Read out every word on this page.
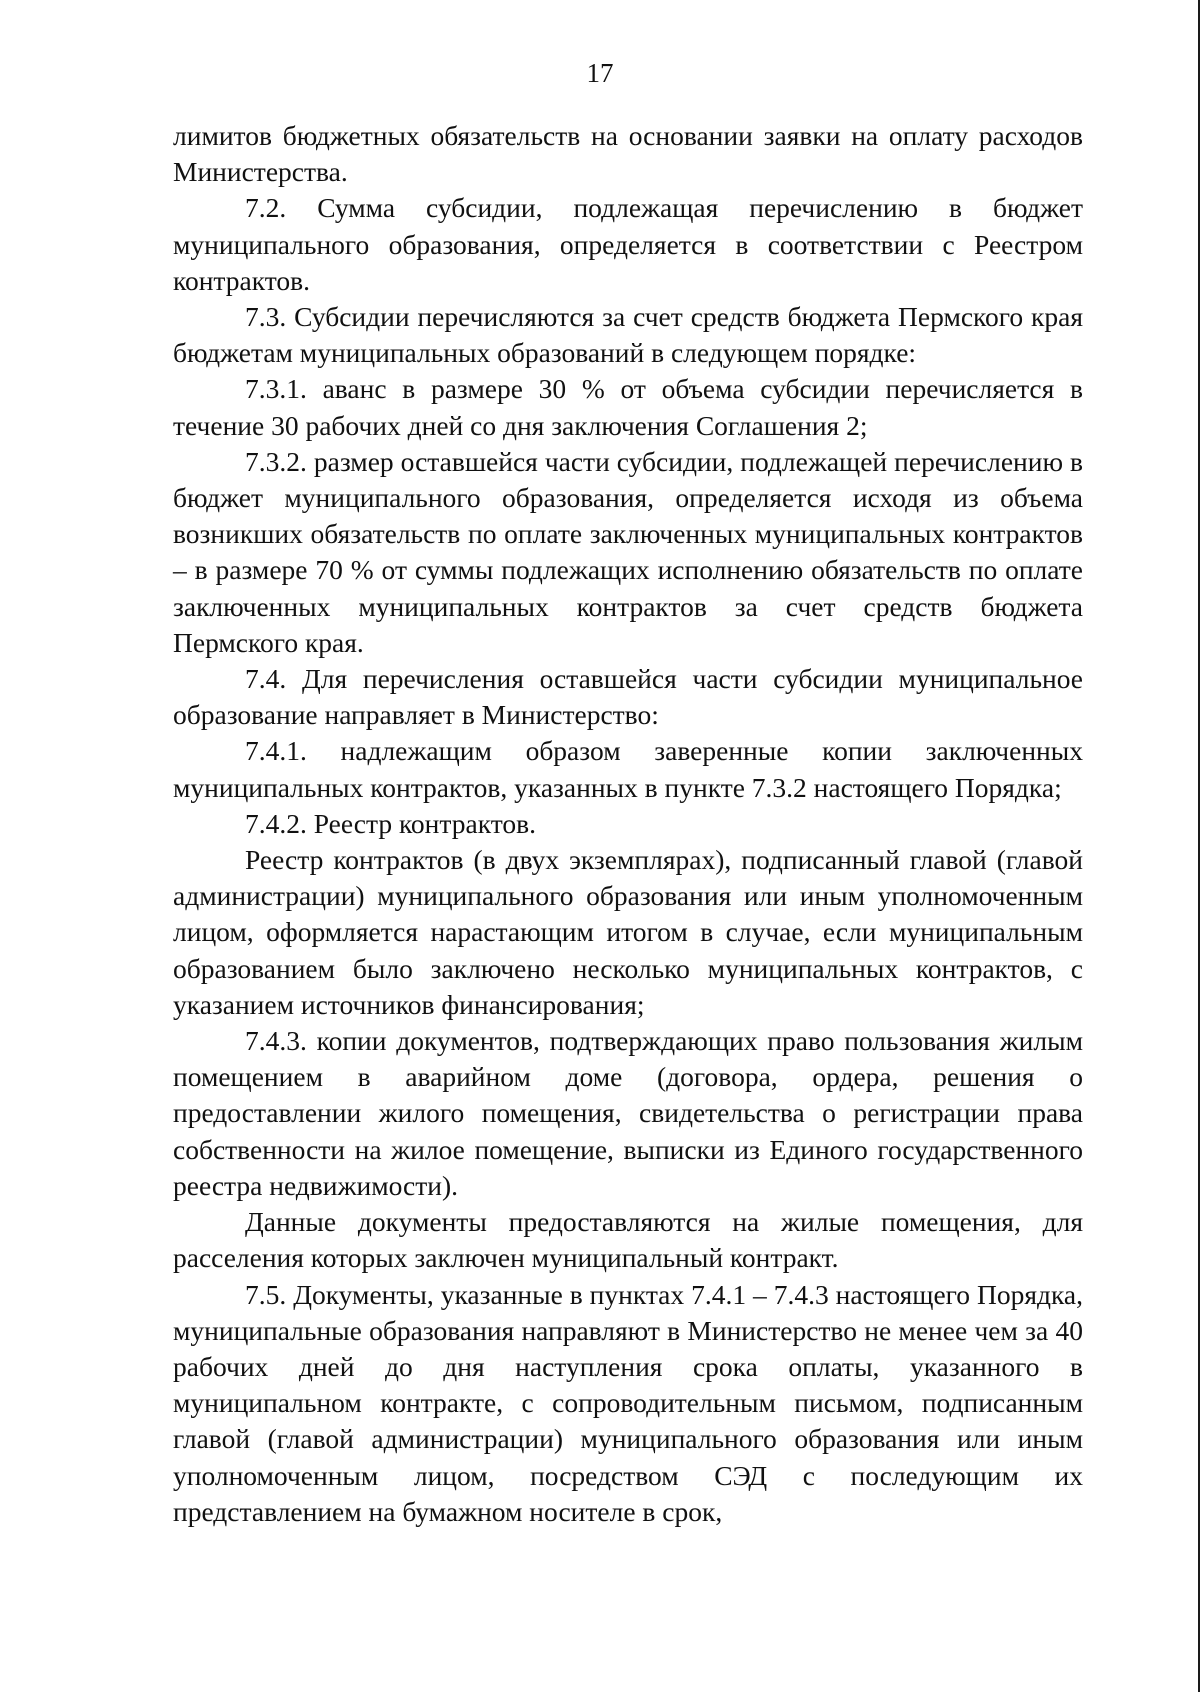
17

лимитов бюджетных обязательств на основании заявки на оплату расходов Министерства.

7.2. Сумма субсидии, подлежащая перечислению в бюджет муниципального образования, определяется в соответствии с Реестром контрактов.

7.3. Субсидии перечисляются за счет средств бюджета Пермского края бюджетам муниципальных образований в следующем порядке:

7.3.1. аванс в размере 30 % от объема субсидии перечисляется в течение 30 рабочих дней со дня заключения Соглашения 2;

7.3.2. размер оставшейся части субсидии, подлежащей перечислению в бюджет муниципального образования, определяется исходя из объема возникших обязательств по оплате заключенных муниципальных контрактов – в размере 70 % от суммы подлежащих исполнению обязательств по оплате заключенных муниципальных контрактов за счет средств бюджета Пермского края.

7.4. Для перечисления оставшейся части субсидии муниципальное образование направляет в Министерство:

7.4.1. надлежащим образом заверенные копии заключенных муниципальных контрактов, указанных в пункте 7.3.2 настоящего Порядка;

7.4.2. Реестр контрактов.

Реестр контрактов (в двух экземплярах), подписанный главой (главой администрации) муниципального образования или иным уполномоченным лицом, оформляется нарастающим итогом в случае, если муниципальным образованием было заключено несколько муниципальных контрактов, с указанием источников финансирования;

7.4.3. копии документов, подтверждающих право пользования жилым помещением в аварийном доме (договора, ордера, решения о предоставлении жилого помещения, свидетельства о регистрации права собственности на жилое помещение, выписки из Единого государственного реестра недвижимости).

Данные документы предоставляются на жилые помещения, для расселения которых заключен муниципальный контракт.

7.5. Документы, указанные в пунктах 7.4.1 – 7.4.3 настоящего Порядка, муниципальные образования направляют в Министерство не менее чем за 40 рабочих дней до дня наступления срока оплаты, указанного в муниципальном контракте, с сопроводительным письмом, подписанным главой (главой администрации) муниципального образования или иным уполномоченным лицом, посредством СЭД с последующим их представлением на бумажном носителе в срок,
